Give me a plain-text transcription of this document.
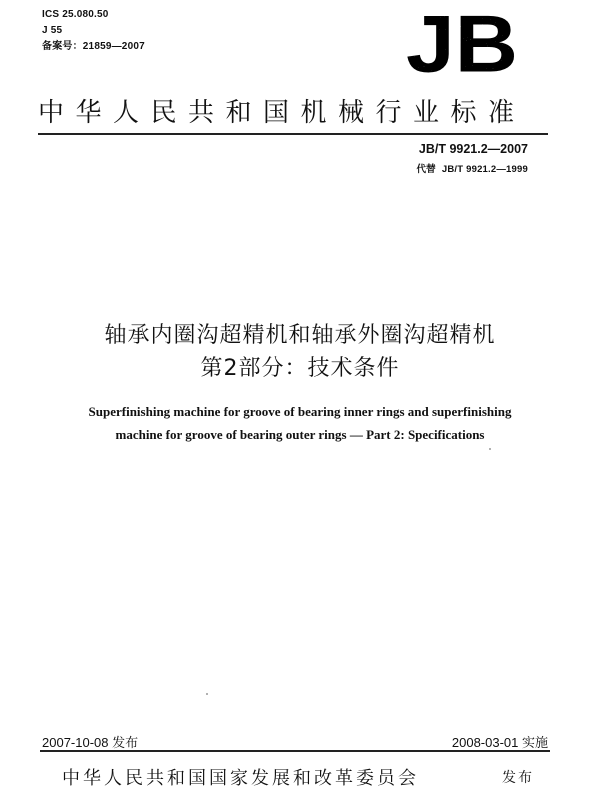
ICS 25.080.50
J 55
备案号：21859—2007	JB
中华人民共和国机械行业标准
JB/T 9921.2—2007
代替 JB/T 9921.2—1999
轴承内圈沟超精机和轴承外圈沟超精机
第2部分：技术条件
Superfinishing machine for groove of bearing inner rings and superfinishing
machine for groove of bearing outer rings — Part 2: Specifications
2007-10-08 发布	2008-03-01 实施
中华人民共和国国家发展和改革委员会	发布
